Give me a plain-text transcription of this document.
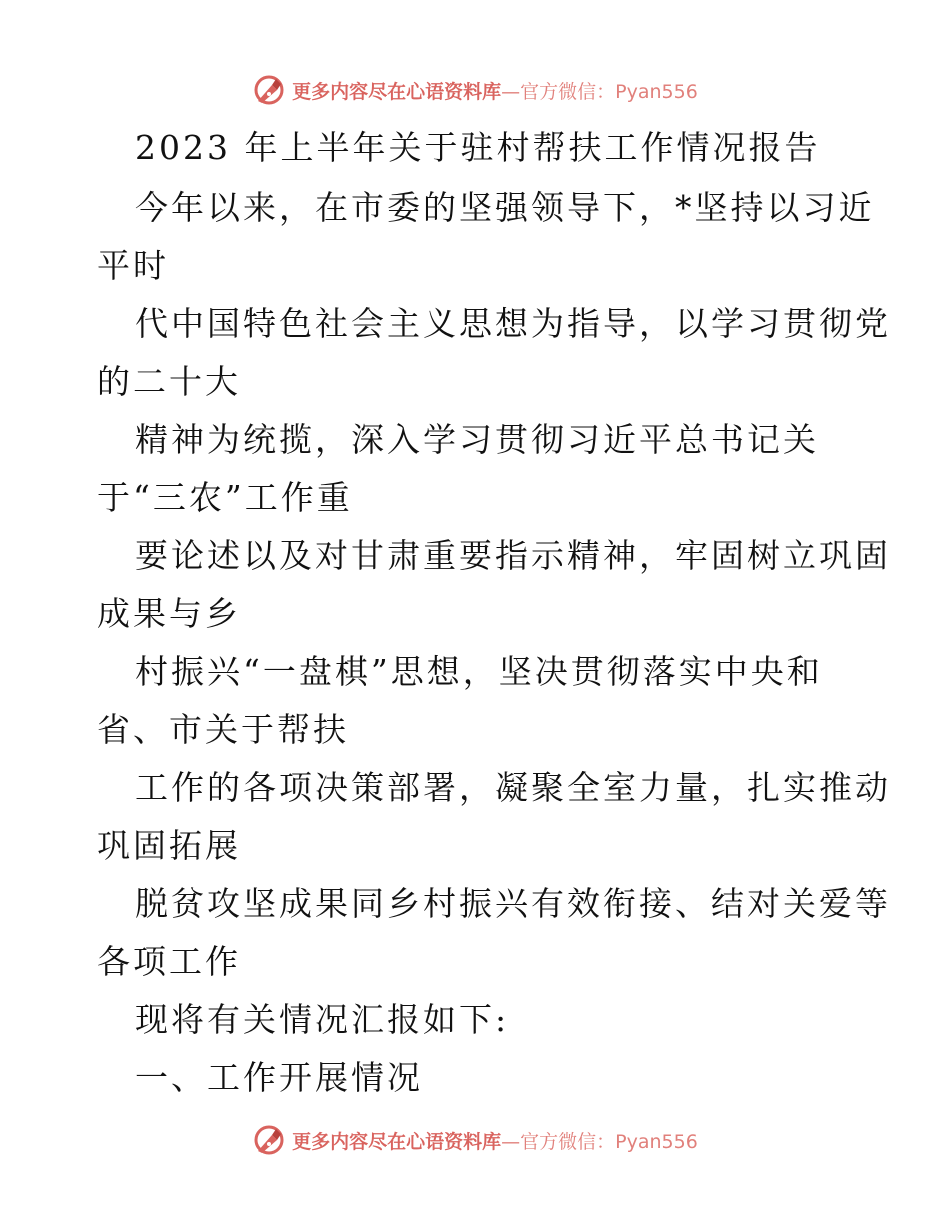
更多内容尽在心语资料库 —官方微信：Pyan556
2023 年上半年关于驻村帮扶工作情况报告
今年以来，在市委的坚强领导下，*坚持以习近
平时
代中国特色社会主义思想为指导，以学习贯彻党
的二十大
精神为统揽，深入学习贯彻习近平总书记关
于“三农”工作重
要论述以及对甘肃重要指示精神，牢固树立巩固
成果与乡
村振兴“一盘棋”思想，坚决贯彻落实中央和
省、市关于帮扶
工作的各项决策部署，凝聚全室力量，扎实推动
巩固拓展
脱贫攻坚成果同乡村振兴有效衔接、结对关爱等
各项工作
现将有关情况汇报如下:
一、工作开展情况
更多内容尽在心语资料库 —官方微信：Pyan556
